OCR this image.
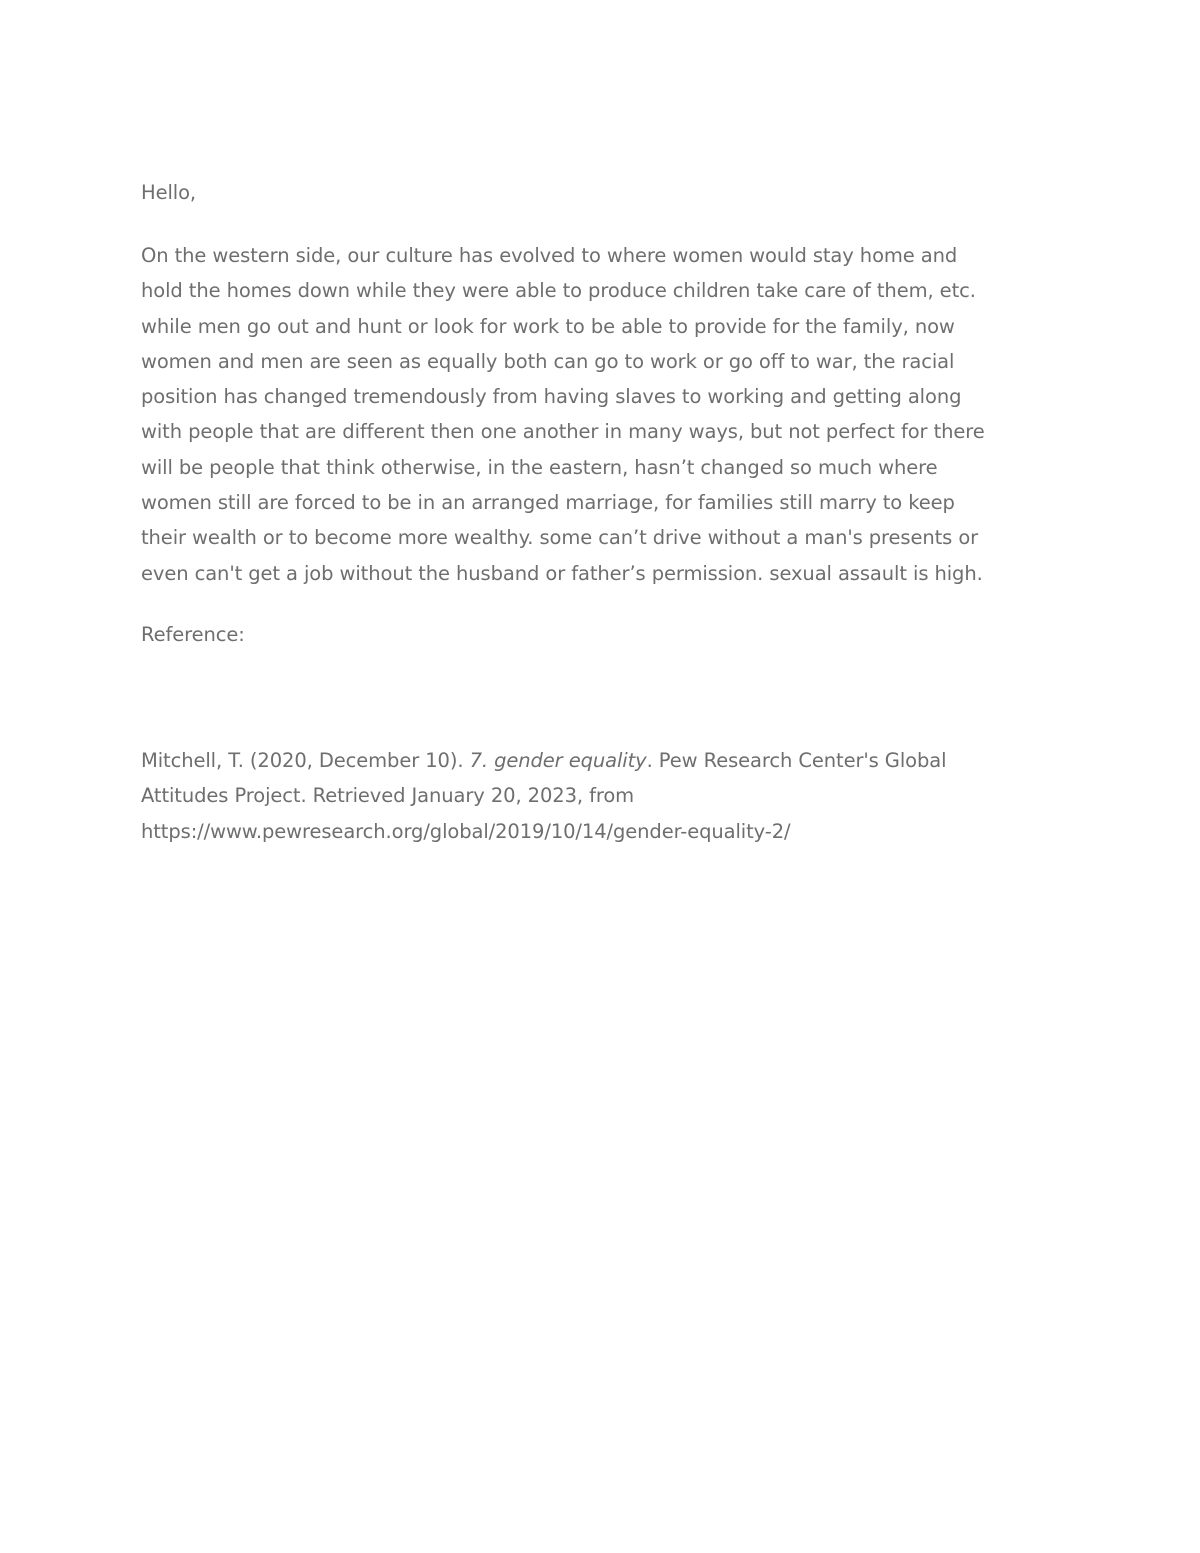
Hello,
On the western side, our culture has evolved to where women would stay home and
hold the homes down while they were able to produce children take care of them, etc.
while men go out and hunt or look for work to be able to provide for the family, now
women and men are seen as equally both can go to work or go off to war, the racial
position has changed tremendously from having slaves to working and getting along
with people that are different then one another in many ways, but not perfect for there
will be people that think otherwise, in the eastern, hasn’t changed so much where
women still are forced to be in an arranged marriage, for families still marry to keep
their wealth or to become more wealthy. some can’t drive without a man's presents or
even can't get a job without the husband or father’s permission. sexual assault is high.
Reference:
Mitchell, T. (2020, December 10). 7. gender equality. Pew Research Center's Global
Attitudes Project. Retrieved January 20, 2023, from
https://www.pewresearch.org/global/2019/10/14/gender-equality-2/
